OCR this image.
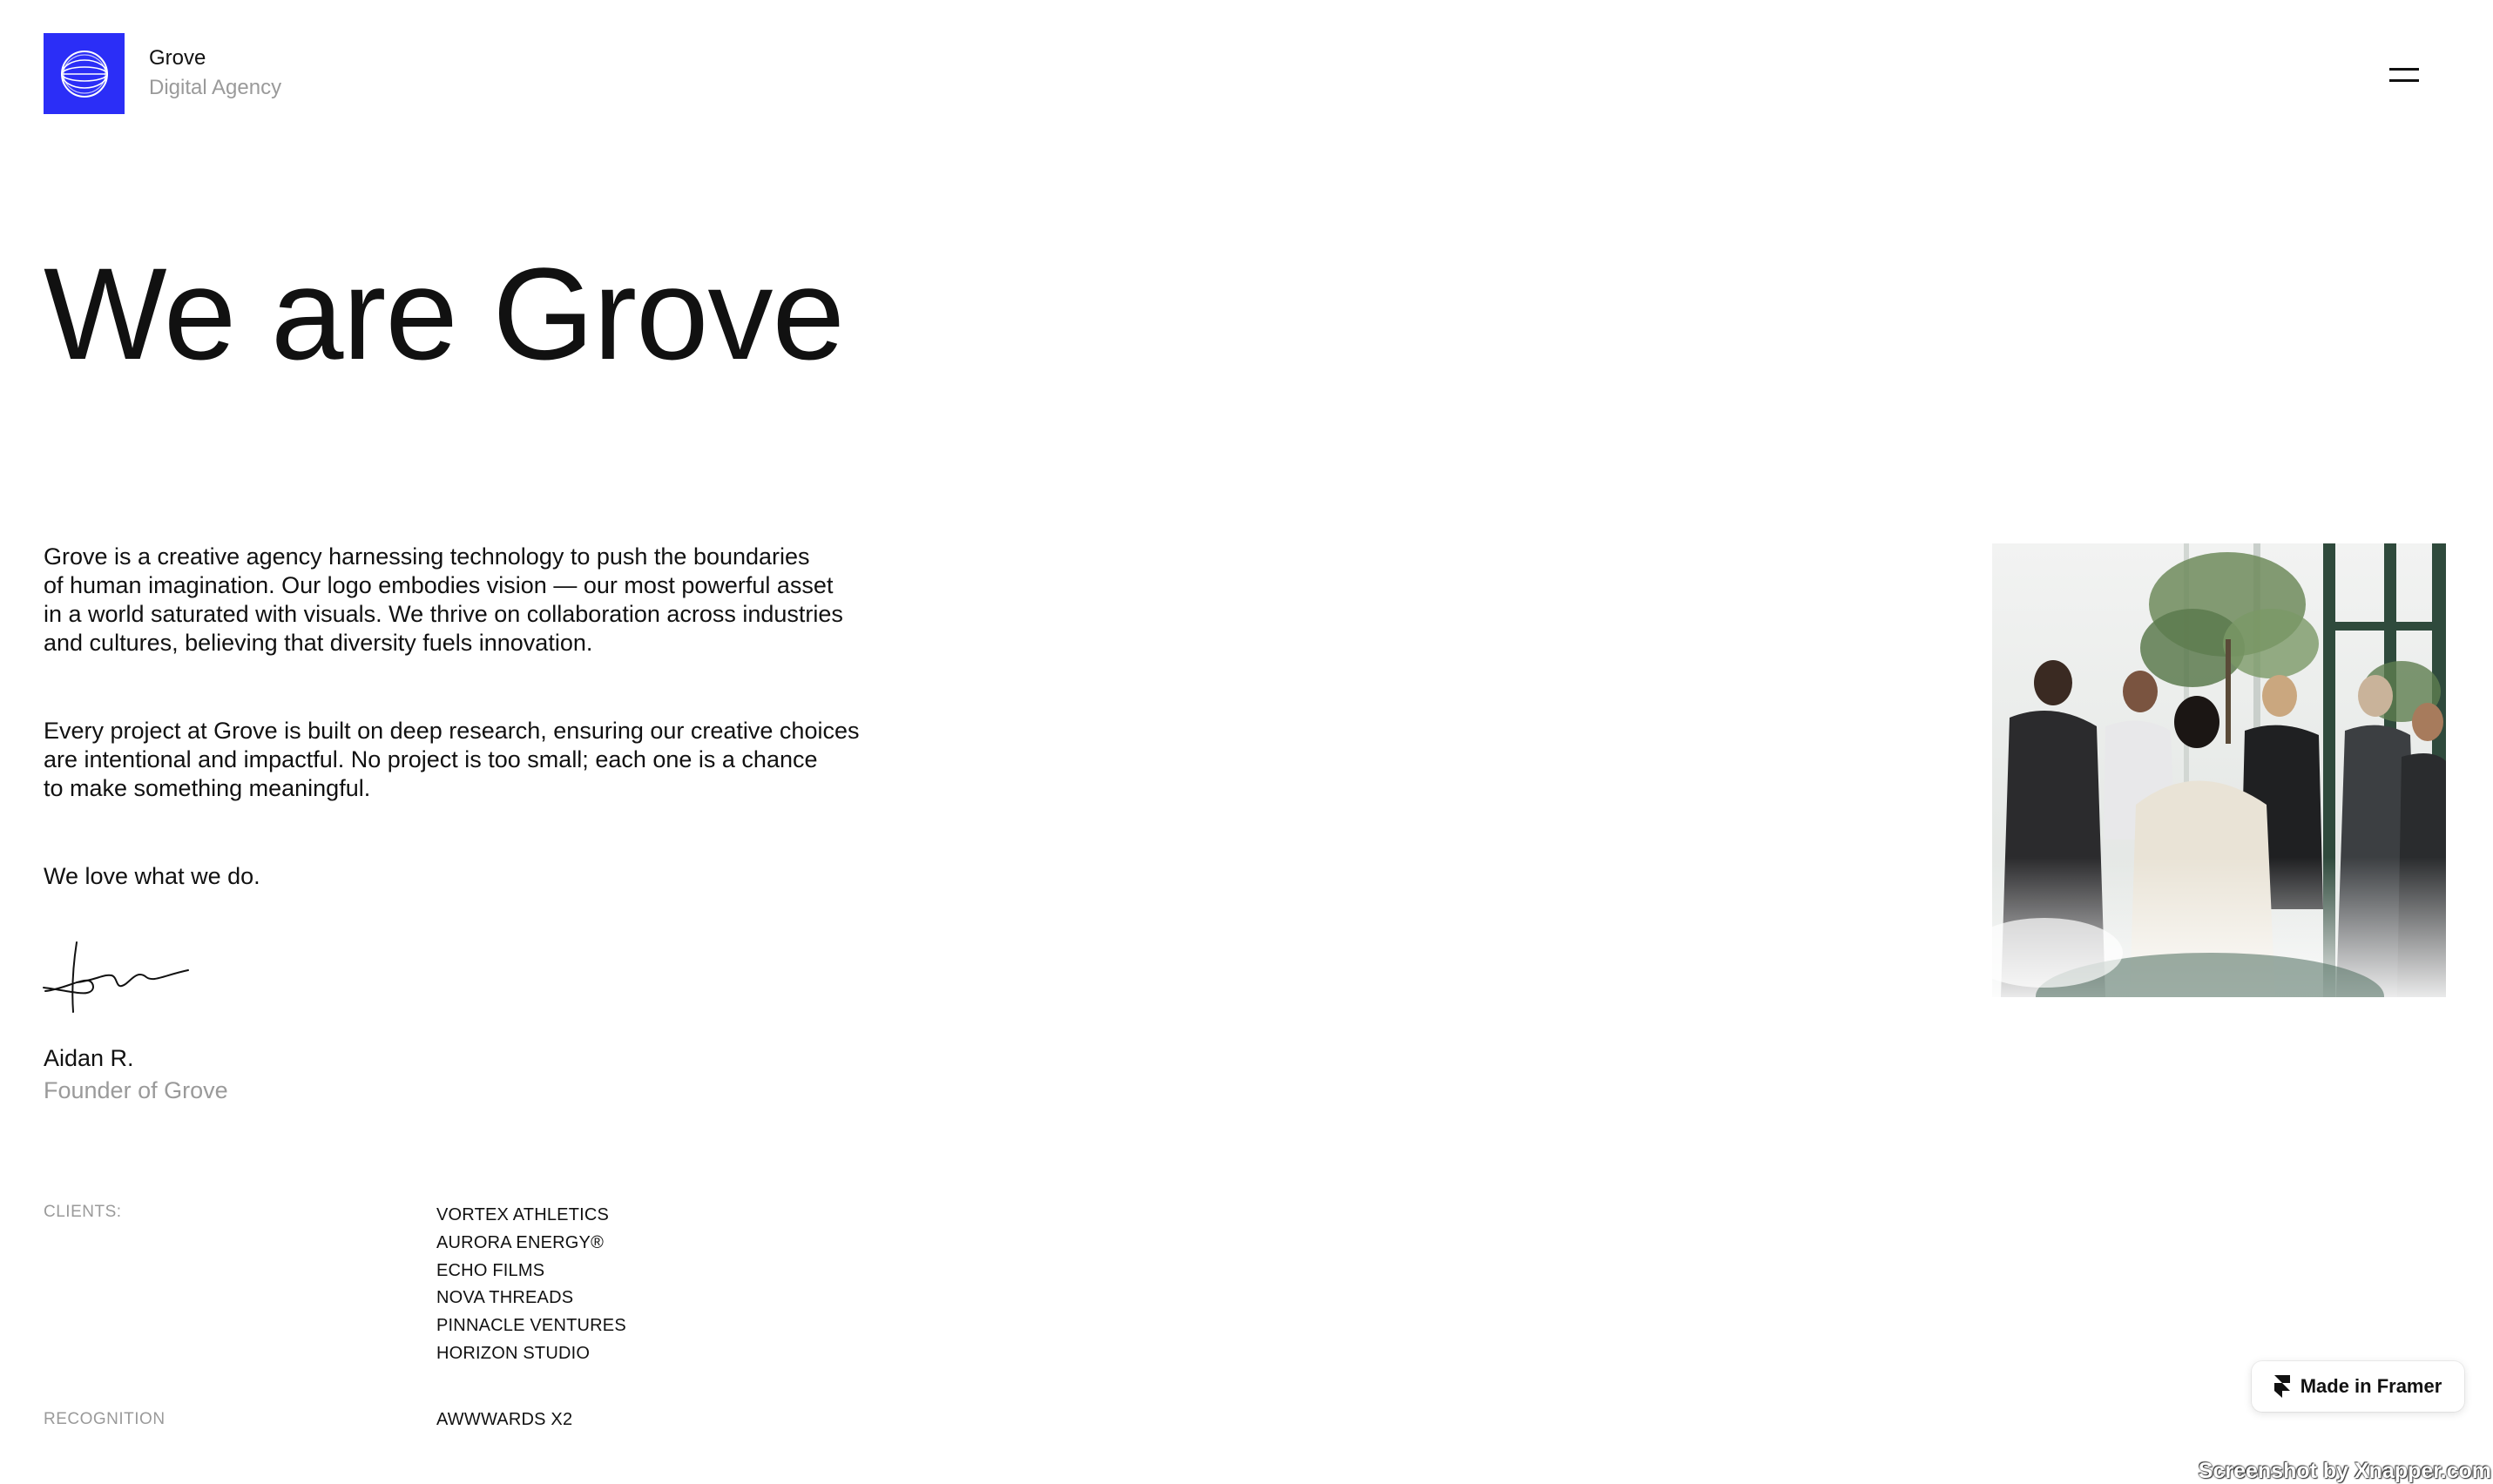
Grove
Digital Agency
We are Grove

Grove is a creative agency harnessing technology to push the boundaries
of human imagination. Our logo embodies vision — our most powerful asset
in a world saturated with visuals. We thrive on collaboration across industries
and cultures, believing that diversity fuels innovation.

Every project at Grove is built on deep research, ensuring our creative choices
are intentional and impactful. No project is too small; each one is a chance
to make something meaningful.

We love what we do.

Aidan R.
Founder of Grove
CLIENTS:	VORTEX ATHLETICS
AURORA ENERGY®
ECHO FILMS
NOVA THREADS
PINNACLE VENTURES
HORIZON STUDIO
RECOGNITION	AWWWARDS X2
Made in Framer
Screenshot by Xnapper.com
